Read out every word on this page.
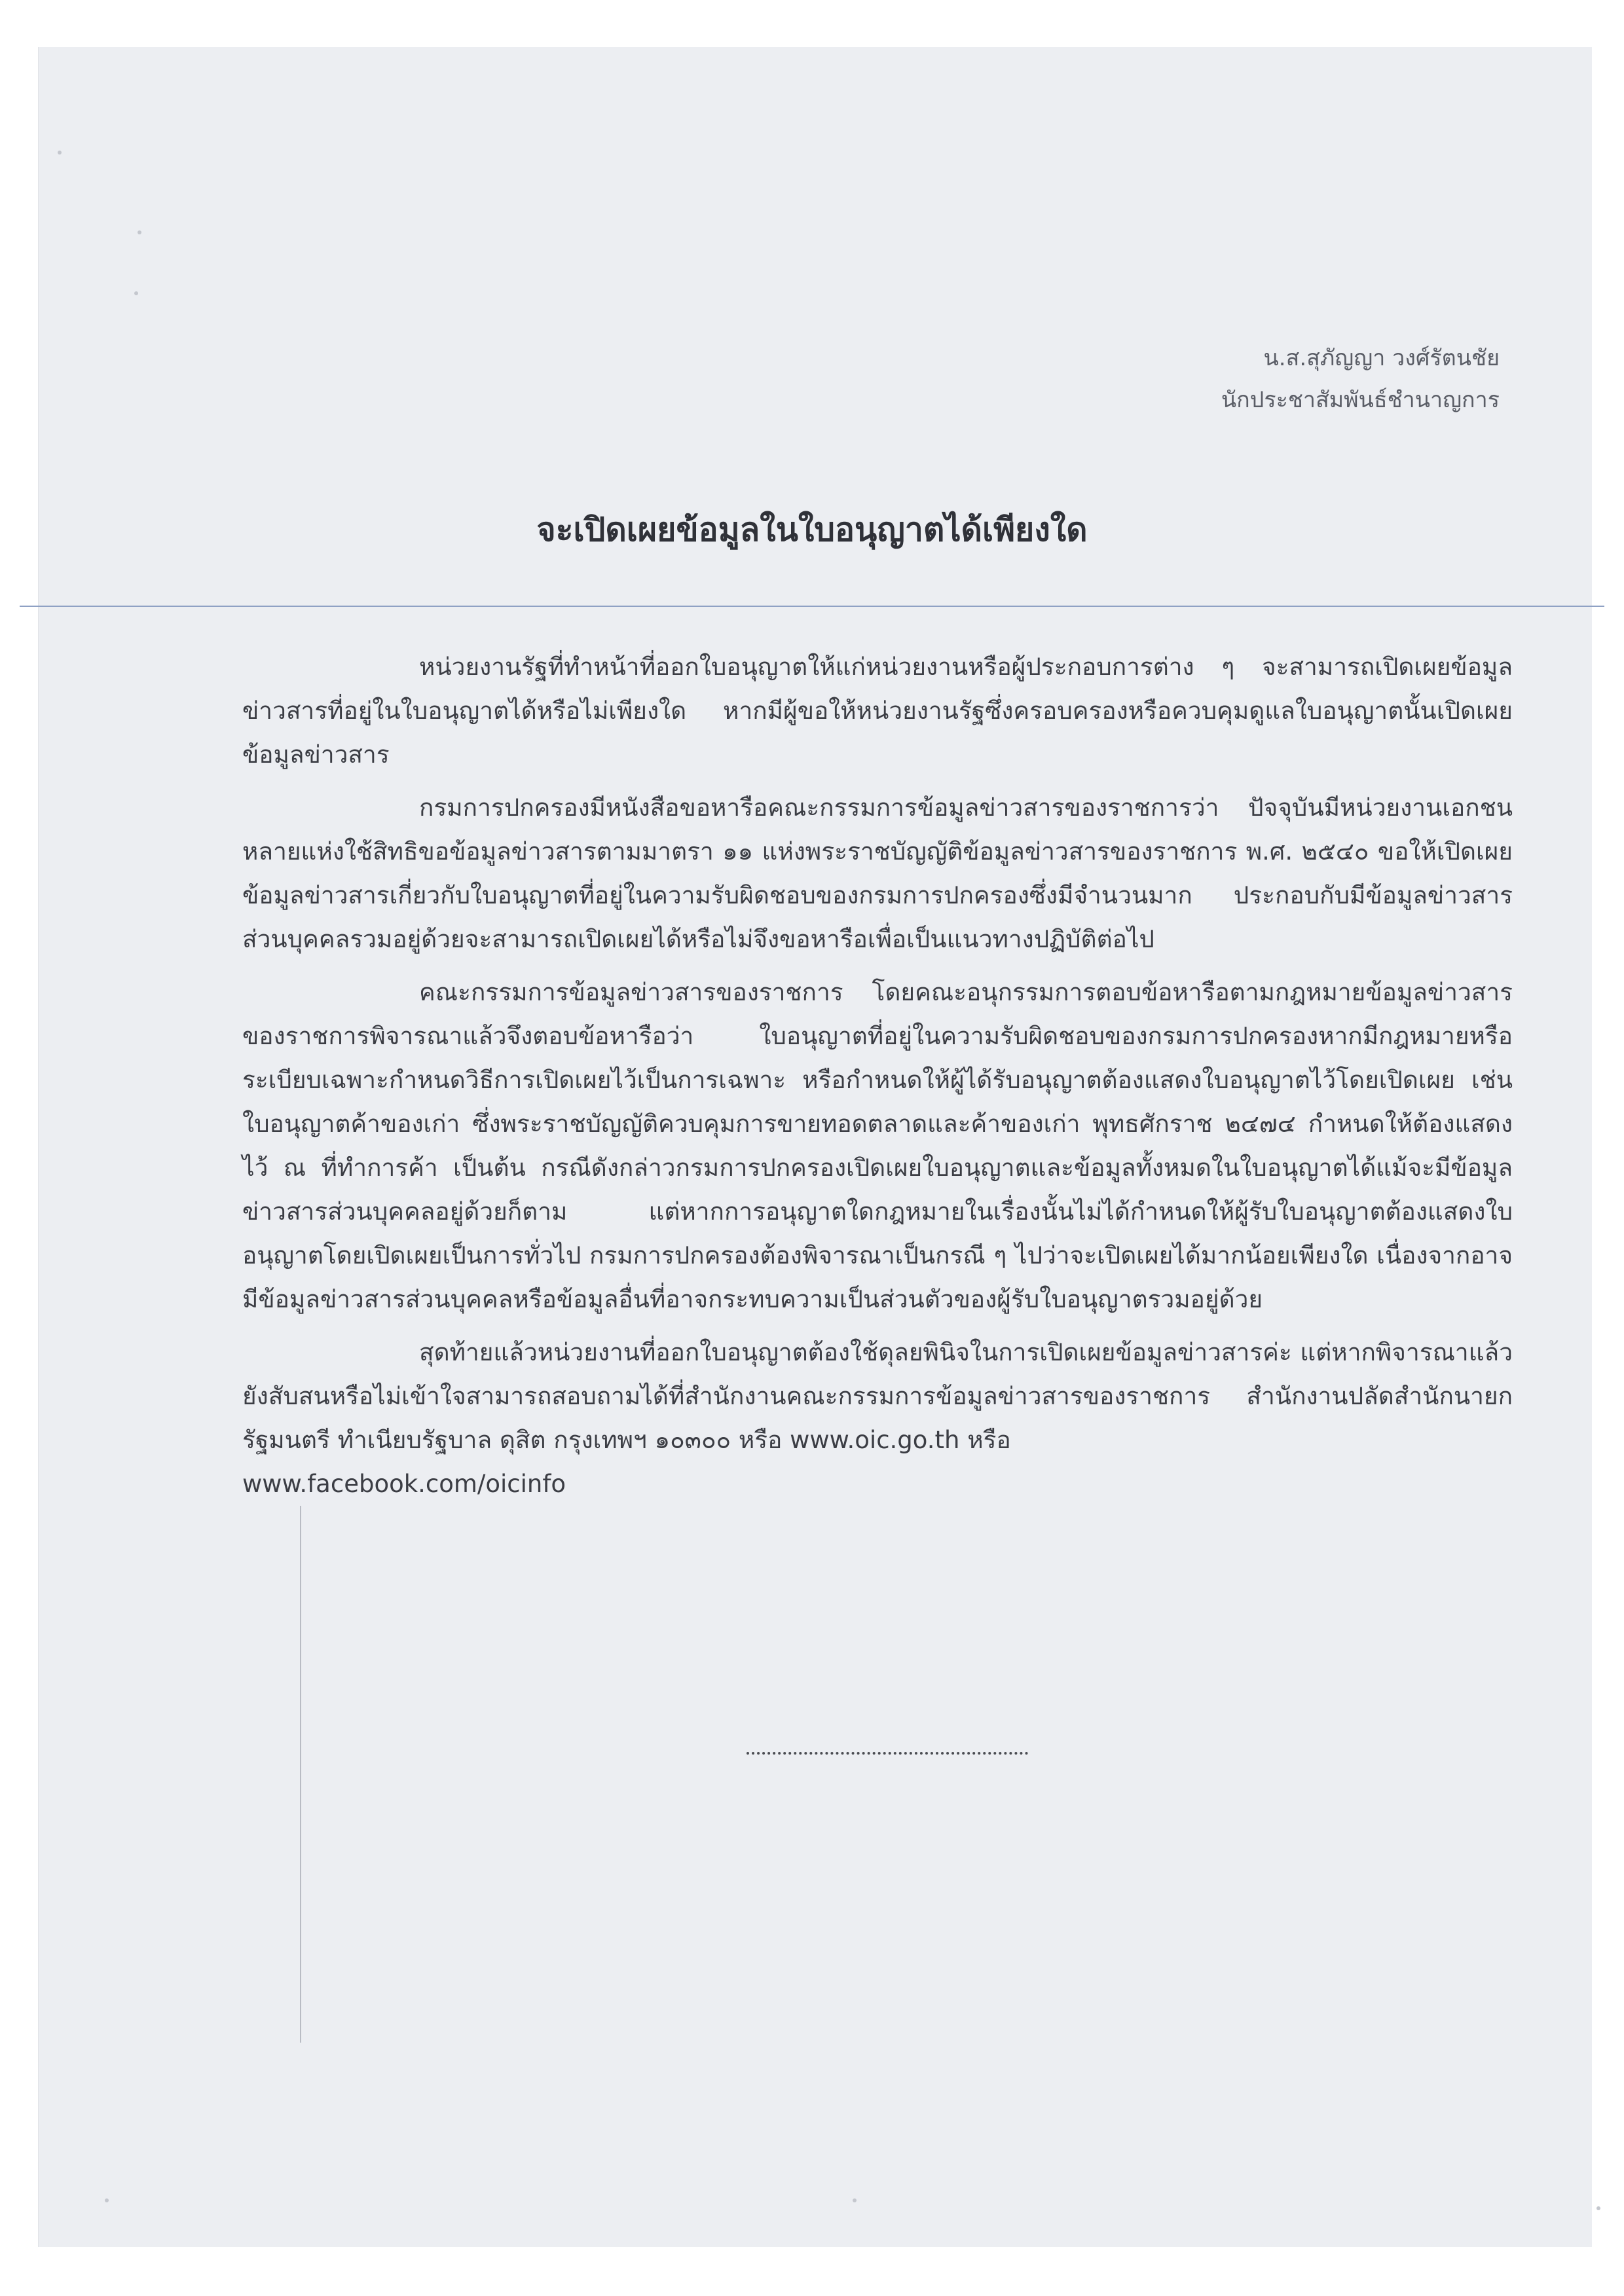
น.ส.สุภัญญา วงศ์รัตนชัย
นักประชาสัมพันธ์ชำนาญการ
จะเปิดเผยข้อมูลในใบอนุญาตได้เพียงใด

หน่วยงานรัฐที่ทำหน้าที่ออกใบอนุญาตให้แก่หน่วยงานหรือผู้ประกอบการต่าง ๆ จะสามารถเปิดเผยข้อมูลข่าวสารที่อยู่ในใบอนุญาตได้หรือไม่เพียงใด หากมีผู้ขอให้หน่วยงานรัฐซึ่งครอบครองหรือควบคุมดูแลใบอนุญาตนั้นเปิดเผยข้อมูลข่าวสาร

กรมการปกครองมีหนังสือขอหารือคณะกรรมการข้อมูลข่าวสารของราชการว่า ปัจจุบันมีหน่วยงานเอกชนหลายแห่งใช้สิทธิขอข้อมูลข่าวสารตามมาตรา ๑๑ แห่งพระราชบัญญัติข้อมูลข่าวสารของราชการ พ.ศ. ๒๕๔๐ ขอให้เปิดเผยข้อมูลข่าวสารเกี่ยวกับใบอนุญาตที่อยู่ในความรับผิดชอบของกรมการปกครองซึ่งมีจำนวนมาก ประกอบกับมีข้อมูลข่าวสารส่วนบุคคลรวมอยู่ด้วยจะสามารถเปิดเผยได้หรือไม่จึงขอหารือเพื่อเป็นแนวทางปฏิบัติต่อไป

คณะกรรมการข้อมูลข่าวสารของราชการ โดยคณะอนุกรรมการตอบข้อหารือตามกฎหมายข้อมูลข่าวสารของราชการพิจารณาแล้วจึงตอบข้อหารือว่า ใบอนุญาตที่อยู่ในความรับผิดชอบของกรมการปกครองหากมีกฎหมายหรือระเบียบเฉพาะกำหนดวิธีการเปิดเผยไว้เป็นการเฉพาะ หรือกำหนดให้ผู้ได้รับอนุญาตต้องแสดงใบอนุญาตไว้โดยเปิดเผย เช่น ใบอนุญาตค้าของเก่า ซึ่งพระราชบัญญัติควบคุมการขายทอดตลาดและค้าของเก่า พุทธศักราช ๒๔๗๔ กำหนดให้ต้องแสดงไว้ ณ ที่ทำการค้า เป็นต้น กรณีดังกล่าวกรมการปกครองเปิดเผยใบอนุญาตและข้อมูลทั้งหมดในใบอนุญาตได้แม้จะมีข้อมูลข่าวสารส่วนบุคคลอยู่ด้วยก็ตาม แต่หากการอนุญาตใดกฎหมายในเรื่องนั้นไม่ได้กำหนดให้ผู้รับใบอนุญาตต้องแสดงใบอนุญาตโดยเปิดเผยเป็นการทั่วไป กรมการปกครองต้องพิจารณาเป็นกรณี ๆ ไปว่าจะเปิดเผยได้มากน้อยเพียงใด เนื่องจากอาจมีข้อมูลข่าวสารส่วนบุคคลหรือข้อมูลอื่นที่อาจกระทบความเป็นส่วนตัวของผู้รับใบอนุญาตรวมอยู่ด้วย

สุดท้ายแล้วหน่วยงานที่ออกใบอนุญาตต้องใช้ดุลยพินิจในการเปิดเผยข้อมูลข่าวสารค่ะ แต่หากพิจารณาแล้วยังสับสนหรือไม่เข้าใจสามารถสอบถามได้ที่สำนักงานคณะกรรมการข้อมูลข่าวสารของราชการ สำนักงานปลัดสำนักนายกรัฐมนตรี ทำเนียบรัฐบาล ดุสิต กรุงเทพฯ ๑๐๓๐๐ หรือ www.oic.go.th หรือ

www.facebook.com/oicinfo
